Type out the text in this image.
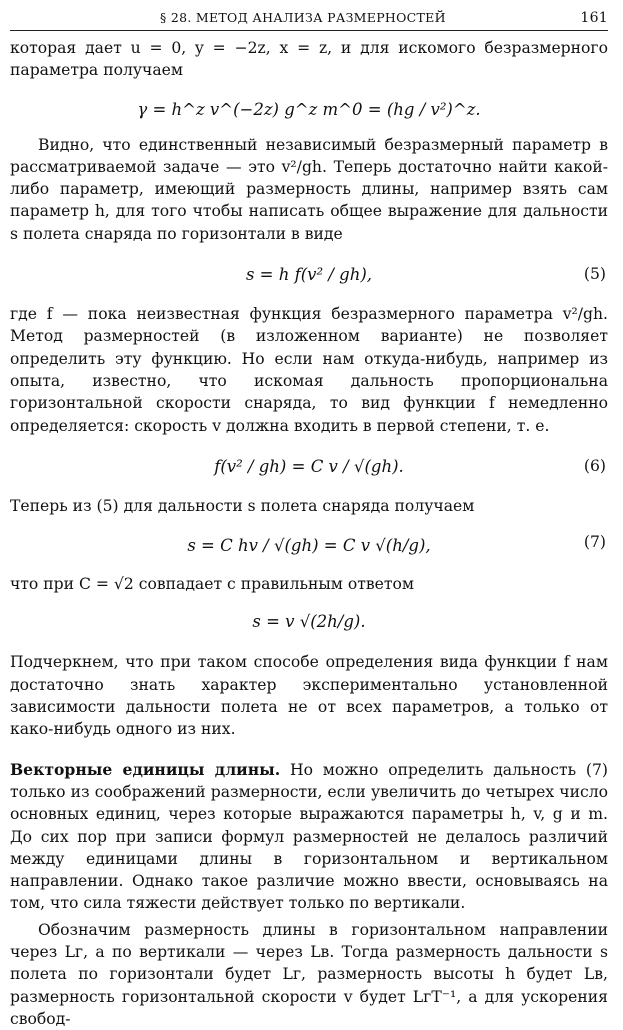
§ 28. МЕТОД АНАЛИЗА РАЗМЕРНОСТЕЙ	161

которая дает u = 0, y = −2z, x = z, и для искомого безразмерного параметра получаем

γ = h^z v^(−2z) g^z m^0 = (hg / v²)^z.

Видно, что единственный независимый безразмерный параметр в рассматриваемой задаче — это v²/gh. Теперь достаточно найти какой-либо параметр, имеющий размерность длины, например взять сам параметр h, для того чтобы написать общее выражение для дальности s полета снаряда по горизонтали в виде

s = h f(v² / gh),	(5)

где f — пока неизвестная функция безразмерного параметра v²/gh. Метод размерностей (в изложенном варианте) не позволяет определить эту функцию. Но если нам откуда-нибудь, например из опыта, известно, что искомая дальность пропорциональна горизонтальной скорости снаряда, то вид функции f немедленно определяется: скорость v должна входить в первой степени, т. е.

f(v² / gh) = C v / √(gh).	(6)

Теперь из (5) для дальности s полета снаряда получаем

s = C hv / √(gh) = C v √(h/g),	(7)

что при C = √2 совпадает с правильным ответом

s = v √(2h/g).

Подчеркнем, что при таком способе определения вида функции f нам достаточно знать характер экспериментально установленной зависимости дальности полета не от всех параметров, а только от како-нибудь одного из них.

Векторные единицы длины. Но можно определить дальность (7) только из соображений размерности, если увеличить до четырех число основных единиц, через которые выражаются параметры h, v, g и m. До сих пор при записи формул размерностей не делалось различий между единицами длины в горизонтальном и вертикальном направлении. Однако такое различие можно ввести, основываясь на том, что сила тяжести действует только по вертикали.

Обозначим размерность длины в горизонтальном направлении через Lг, а по вертикали — через Lв. Тогда размерность дальности s полета по горизонтали будет Lг, размерность высоты h будет Lв, размерность горизонтальной скорости v будет LгT⁻¹, а для ускорения свобод-
